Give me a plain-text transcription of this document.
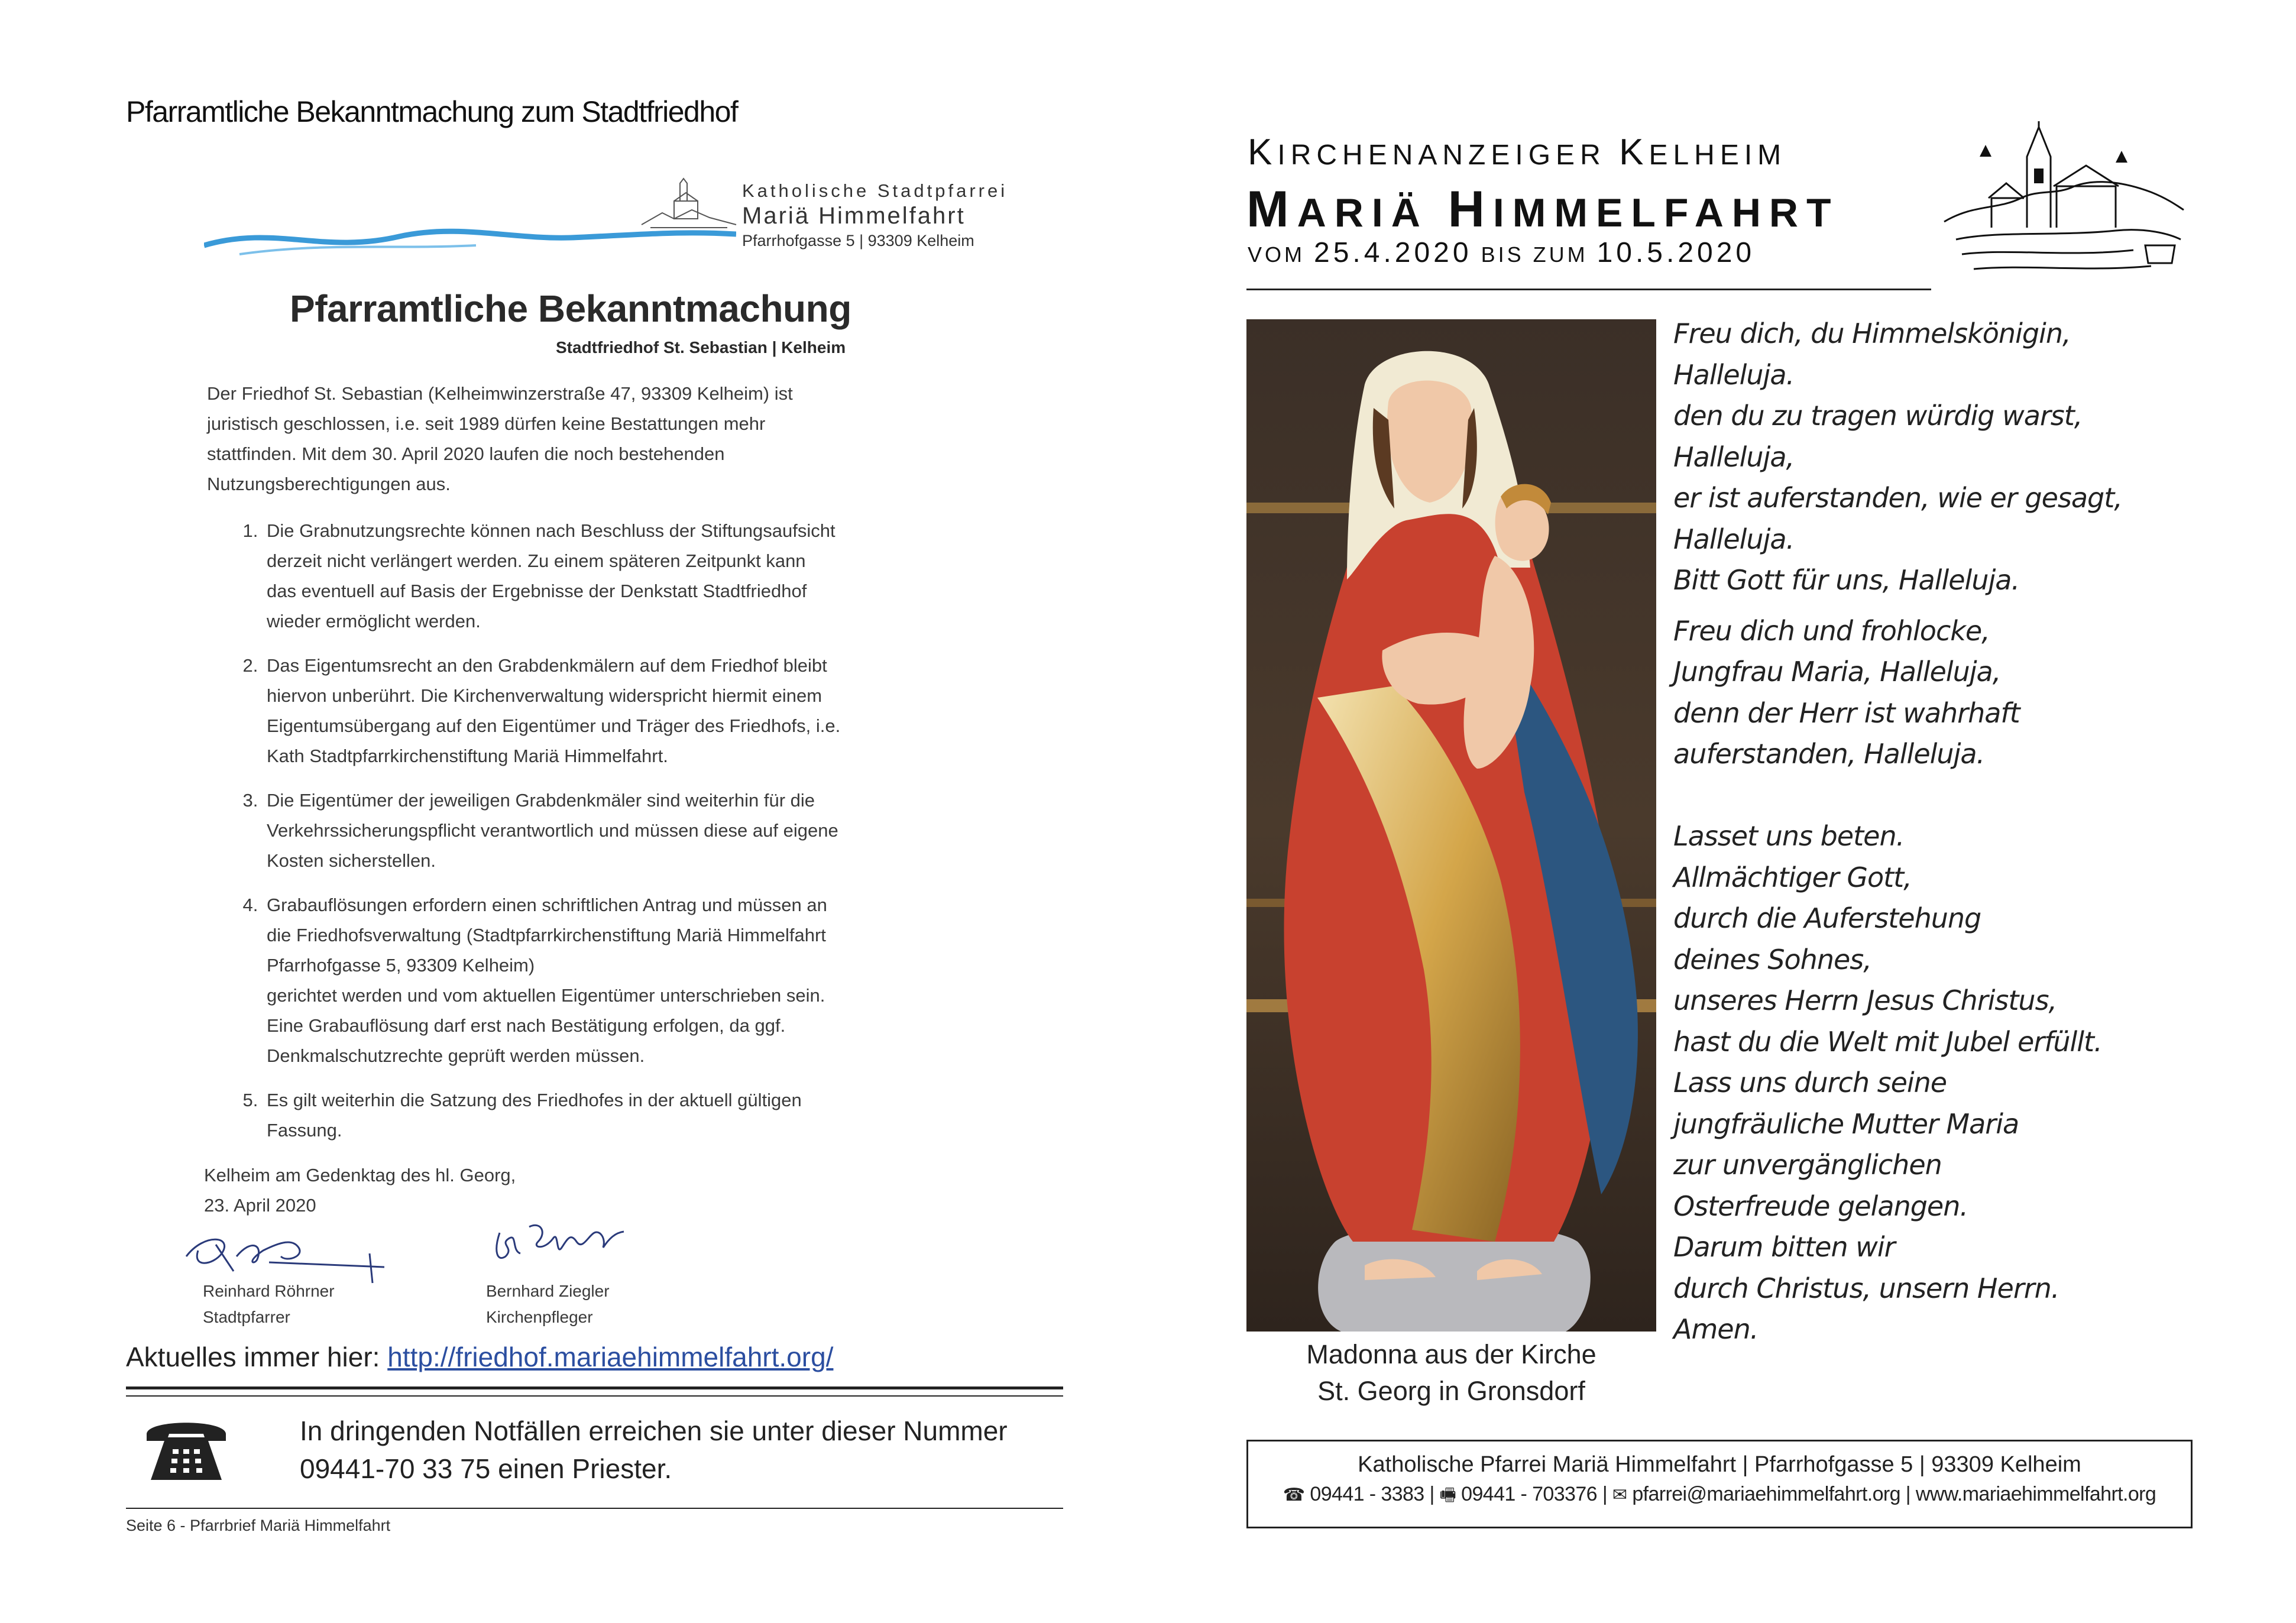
Pfarramtliche Bekanntmachung zum Stadtfriedhof
Katholische Stadtpfarrei
Mariä Himmelfahrt
Pfarrhofgasse 5 | 93309 Kelheim
Pfarramtliche Bekanntmachung
Stadtfriedhof St. Sebastian | Kelheim

Der Friedhof St. Sebastian (Kelheimwinzerstraße 47, 93309 Kelheim) ist

juristisch geschlossen, i.e. seit 1989 dürfen keine Bestattungen mehr

stattfinden. Mit dem 30. April 2020 laufen die noch bestehenden

Nutzungsberechtigungen aus.

1. Die Grabnutzungsrechte können nach Beschluss der Stiftungsaufsicht
derzeit nicht verlängert werden. Zu einem späteren Zeitpunkt kann
das eventuell auf Basis der Ergebnisse der Denkstatt Stadtfriedhof
wieder ermöglicht werden.
2. Das Eigentumsrecht an den Grabdenkmälern auf dem Friedhof bleibt
hiervon unberührt. Die Kirchenverwaltung widerspricht hiermit einem
Eigentumsübergang auf den Eigentümer und Träger des Friedhofs, i.e.
Kath Stadtpfarrkirchenstiftung Mariä Himmelfahrt.
3. Die Eigentümer der jeweiligen Grabdenkmäler sind weiterhin für die
Verkehrssicherungspflicht verantwortlich und müssen diese auf eigene
Kosten sicherstellen.
4. Grabauflösungen erfordern einen schriftlichen Antrag und müssen an
die Friedhofsverwaltung (Stadtpfarrkirchenstiftung Mariä Himmelfahrt
Pfarrhofgasse 5, 93309 Kelheim)
gerichtet werden und vom aktuellen Eigentümer unterschrieben sein.
Eine Grabauflösung darf erst nach Bestätigung erfolgen, da ggf.
Denkmalschutzrechte geprüft werden müssen.
5. Es gilt weiterhin die Satzung des Friedhofes in der aktuell gültigen
Fassung.
Kelheim am Gedenktag des hl. Georg,
23. April 2020
Reinhard Röhrner
Stadtpfarrer
Bernhard Ziegler
Kirchenpfleger
Aktuelles immer hier: http://friedhof.mariaehimmelfahrt.org/
In dringenden Notfällen erreichen sie unter dieser Nummer
09441-70 33 75 einen Priester.
Seite 6 - Pfarrbrief Mariä Himmelfahrt
KIRCHENANZEIGER KELHEIM
MARIÄ HIMMELFAHRT
VOM 25.4.2020 BIS ZUM 10.5.2020
Madonna aus der Kirche
St. Georg in Gronsdorf
Freu dich, du Himmelskönigin,
Halleluja.
den du zu tragen würdig warst,
Halleluja,
er ist auferstanden, wie er gesagt,
Halleluja.
Bitt Gott für uns, Halleluja.
Freu dich und frohlocke,
Jungfrau Maria, Halleluja,
denn der Herr ist wahrhaft
auferstanden, Halleluja.
Lasset uns beten.
Allmächtiger Gott,
durch die Auferstehung
deines Sohnes,
unseres Herrn Jesus Christus,
hast du die Welt mit Jubel erfüllt.
Lass uns durch seine
jungfräuliche Mutter Maria
zur unvergänglichen
Osterfreude gelangen.
Darum bitten wir
durch Christus, unsern Herrn.
Amen.
Katholische Pfarrei Mariä Himmelfahrt | Pfarrhofgasse 5 | 93309 Kelheim
☎ 09441 - 3383 | 🖷 09441 - 703376 | ✉ pfarrei@mariaehimmelfahrt.org | www.mariaehimmelfahrt.org
